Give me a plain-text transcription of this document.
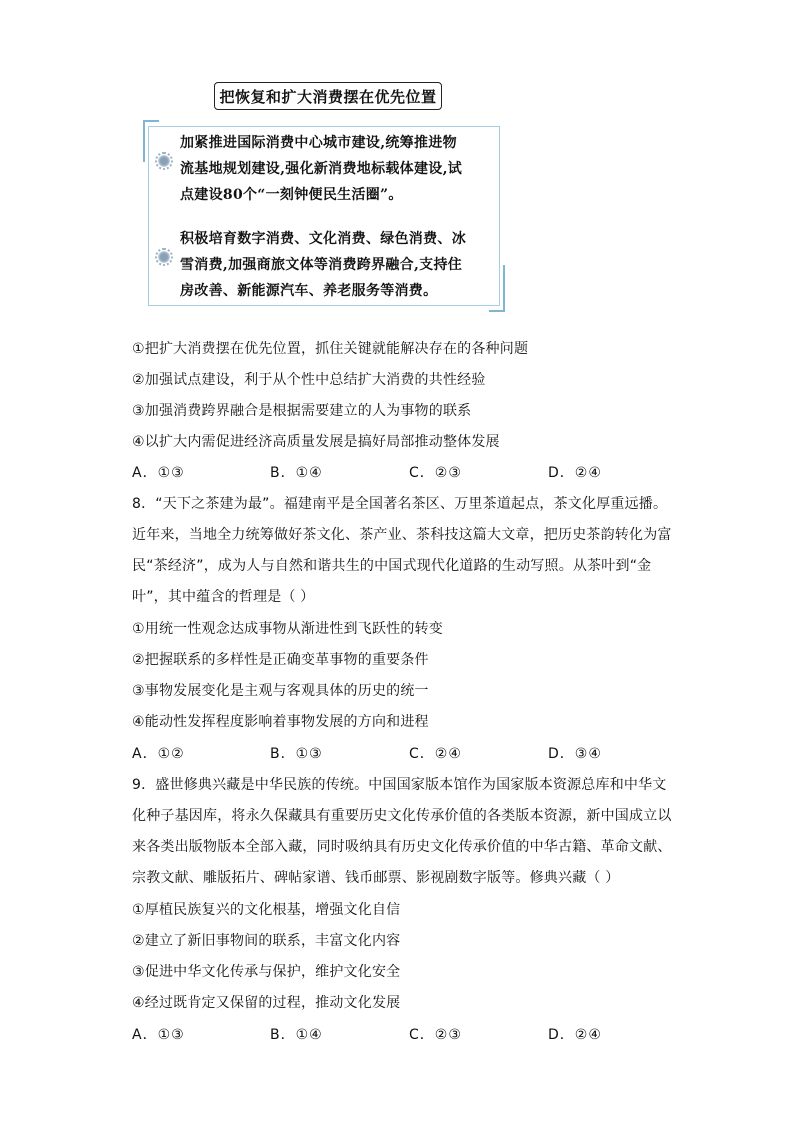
把恢复和扩大消费摆在优先位置
加紧推进国际消费中心城市建设,统筹推进物
流基地规划建设,强化新消费地标载体建设,试
点建设80个“一刻钟便民生活圈”。
积极培育数字消费、文化消费、绿色消费、冰
雪消费,加强商旅文体等消费跨界融合,支持住
房改善、新能源汽车、养老服务等消费。
①把扩大消费摆在优先位置，抓住关键就能解决存在的各种问题
②加强试点建设，利于从个性中总结扩大消费的共性经验
③加强消费跨界融合是根据需要建立的人为事物的联系
④以扩大内需促进经济高质量发展是搞好局部推动整体发展
A．①③	B．①④	C．②③	D．②④
8．“天下之茶建为最”。福建南平是全国著名茶区、万里茶道起点，茶文化厚重远播。
近年来，当地全力统筹做好茶文化、茶产业、茶科技这篇大文章，把历史茶韵转化为富
民“茶经济”，成为人与自然和谐共生的中国式现代化道路的生动写照。从茶叶到“金
叶”，其中蕴含的哲理是（ ）
①用统一性观念达成事物从渐进性到飞跃性的转变
②把握联系的多样性是正确变革事物的重要条件
③事物发展变化是主观与客观具体的历史的统一
④能动性发挥程度影响着事物发展的方向和进程
A．①②	B．①③	C．②④	D．③④
9．盛世修典兴藏是中华民族的传统。中国国家版本馆作为国家版本资源总库和中华文
化种子基因库，将永久保藏具有重要历史文化传承价值的各类版本资源，新中国成立以
来各类出版物版本全部入藏，同时吸纳具有历史文化传承价值的中华古籍、革命文献、
宗教文献、雕版拓片、碑帖家谱、钱币邮票、影视剧数字版等。修典兴藏（ ）
①厚植民族复兴的文化根基，增强文化自信
②建立了新旧事物间的联系，丰富文化内容
③促进中华文化传承与保护，维护文化安全
④经过既肯定又保留的过程，推动文化发展
A．①③	B．①④	C．②③	D．②④
